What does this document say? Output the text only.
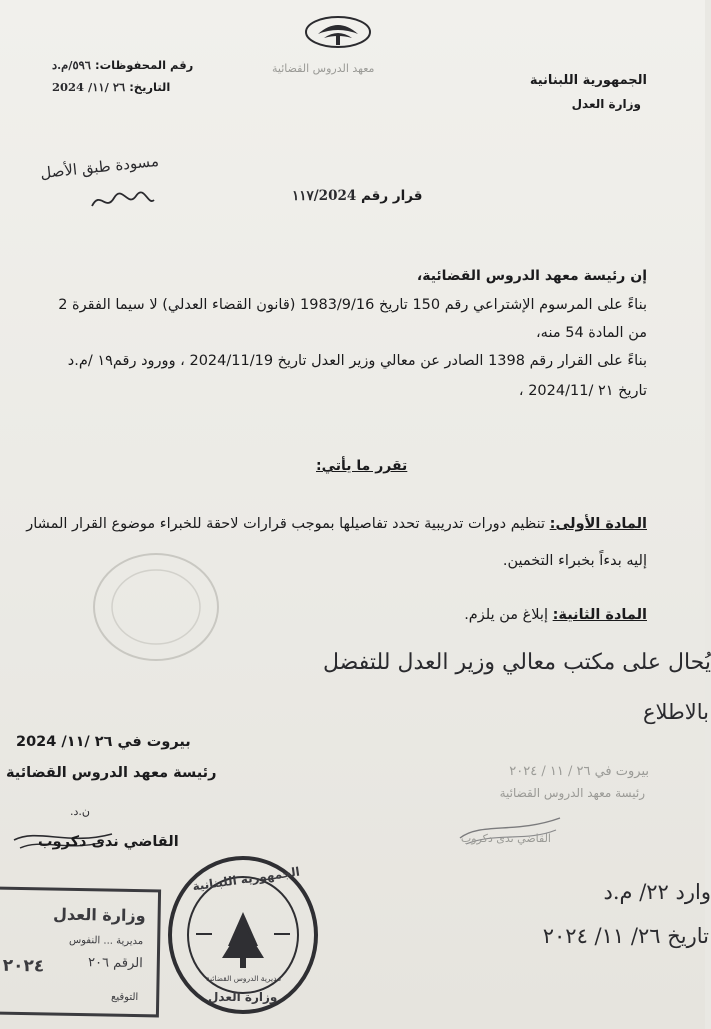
معهد الدروس القضائية
الجمهورية اللبنانية
وزارة العدل
رقم المحفوظات: ٥٩٦/م.د
التاريخ: ٢٦ /١١/ 2024
مسودة طبق الأصل
قرار رقم ١١٧/2024
إن رئيسة معهد الدروس القضائية،
بناءً على المرسوم الإشتراعي رقم 150 تاريخ 1983/9/16 (قانون القضاء العدلي) لا سيما الفقرة 2
من المادة 54 منه،
بناءً على القرار رقم 1398 الصادر عن معالي وزير العدل تاريخ 2024/11/19 ، وورود رقم١٩ /م.د
تاريخ ٢١ /2024/11 ،
تقرر ما يأتي:
المادة الأولى: تنظيم دورات تدريبية تحدد تفاصيلها بموجب قرارات لاحقة للخبراء موضوع القرار المشار
إليه بدءاً بخبراء التخمين.
المادة الثانية: إبلاغ من يلزم.
يُحال على مكتب معالي وزير العدل للتفضل
بالاطلاع
بيروت في ٢٦ /١١/ 2024
رئيسة معهد الدروس القضائية
ن.د.
القاضي ندى دكروب
بيروت في ٢٦ / ١١ / ٢٠٢٤
رئيسة معهد الدروس القضائية
القاضي ندى دكروب
وارد ٢٢/ م.د
تاريخ ٢٦/ ١١/ ٢٠٢٤
وزارة العدل
مديرية ... النفوس
الرقم ٢٠٦
٢٠٢٤
التوقيع
الجمهورية اللبنانية
مديرية الدروس القضائية
وزارة العدل
